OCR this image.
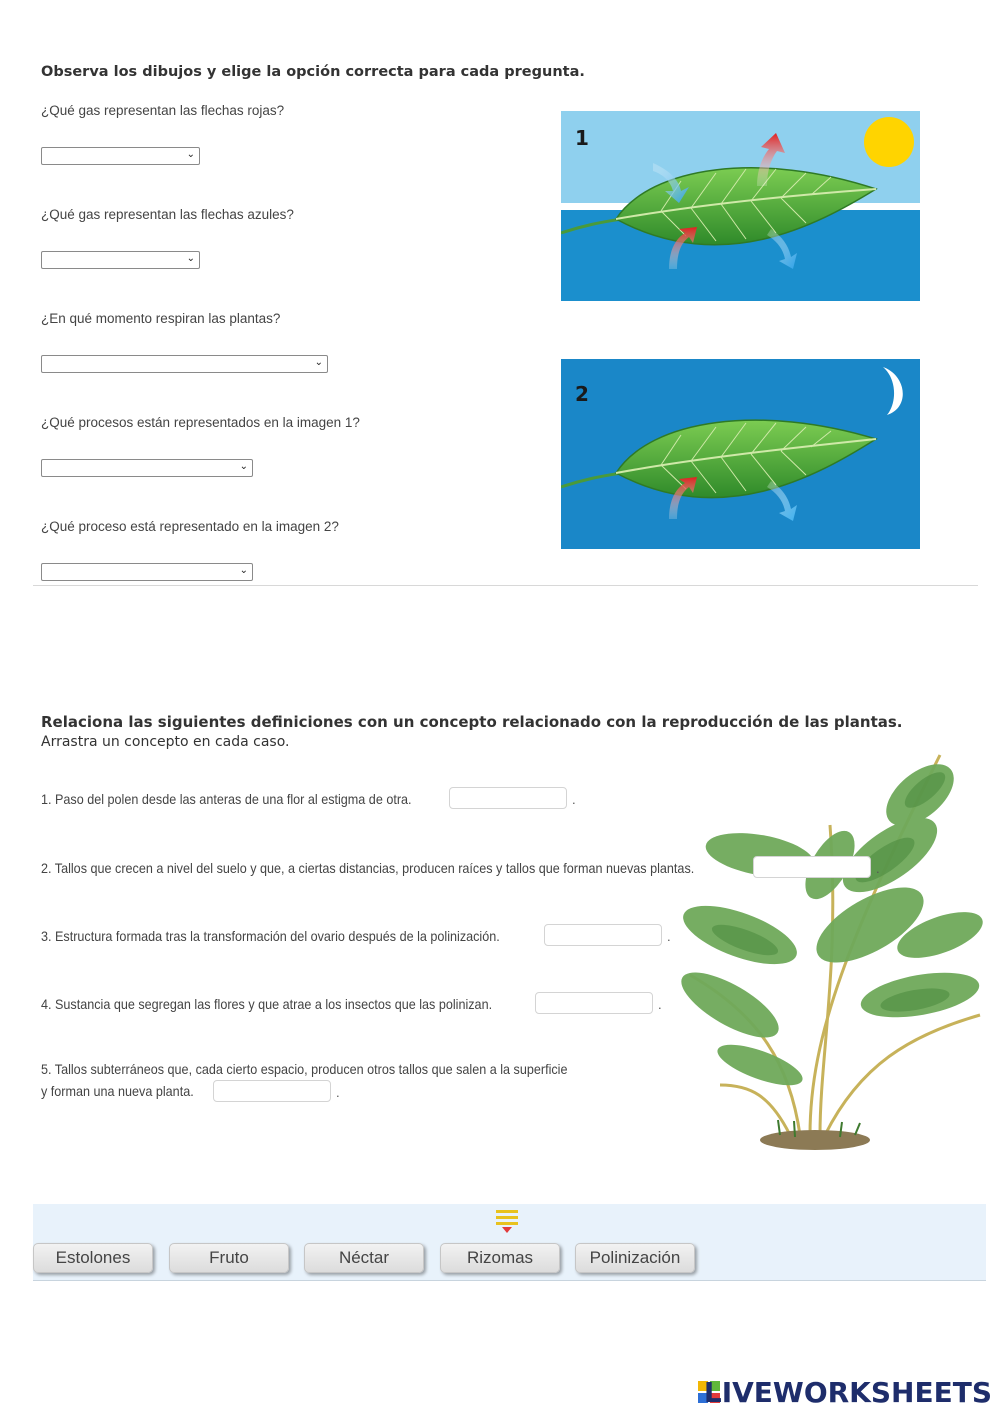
Observa los dibujos y elige la opción correcta para cada pregunta.
¿Qué gas representan las flechas rojas?
⌄
¿Qué gas representan las flechas azules?
⌄
¿En qué momento respiran las plantas?
⌄
¿Qué procesos están representados en la imagen 1?
⌄
¿Qué proceso está representado en la imagen 2?
⌄
1
2
Relaciona las siguientes definiciones con un concepto relacionado con la reproducción de las plantas.
Arrastra un concepto en cada caso.
1. Paso del polen desde las anteras de una flor al estigma de otra.	.
2. Tallos que crecen a nivel del suelo y que, a ciertas distancias, producen raíces y tallos que forman nuevas plantas.	.
3. Estructura formada tras la transformación del ovario después de la polinización.	.
4. Sustancia que segregan las flores y que atrae a los insectos que las polinizan.	.
5. Tallos subterráneos que, cada cierto espacio, producen otros tallos que salen a la superficie
y forman una nueva planta.	.
Estolones	Fruto	Néctar	Rizomas	Polinización
LIVEWORKSHEETS
